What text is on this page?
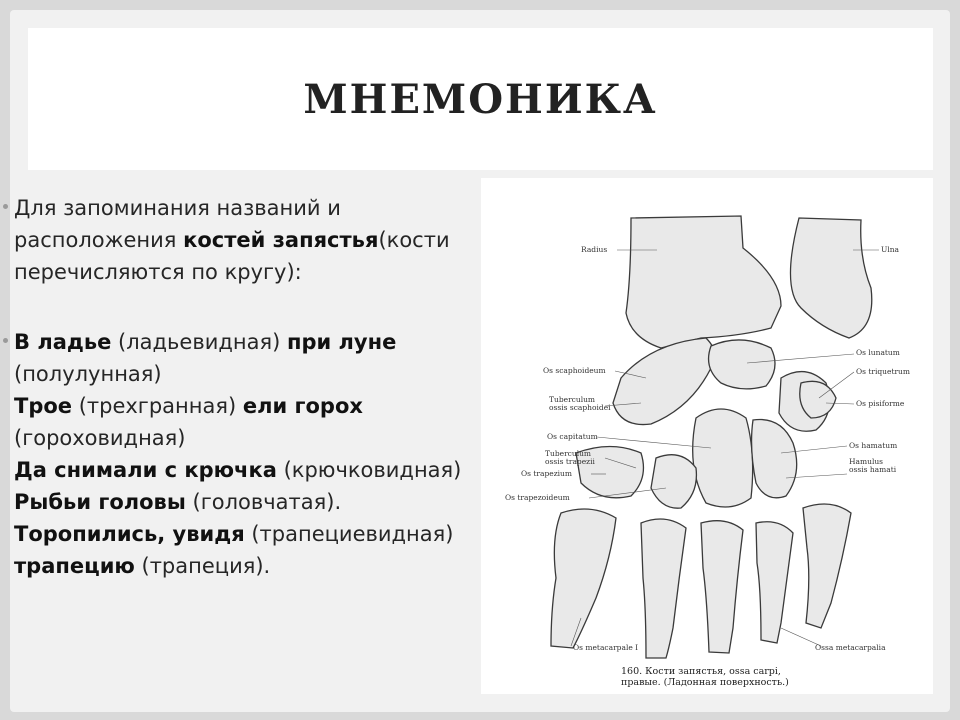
МНЕМОНИКА
Для запоминания названий и расположения костей запястья(кости перечисляются по кругу):
В ладье (ладьевидная) при луне (полулунная)
Трое (трехгранная) ели горох (гороховидная)
Да снимали с крючка (крючковидная)
Рыбьи головы (головчатая).
Торопились, увидя (трапециевидная) трапецию (трапеция).
Radius	Ulna
Os lunatum
Os scaphoideum	Os triquetrum
Tuberculum
ossis scaphoidei	Os pisiforme
Os capitatum
Os hamatum
Tuberculum
ossis trapezii	Hamulus
ossis hamati
Os trapezium
Os trapezoideum
Os metacarpale I	Ossa metacarpalia
160. Кости запястья, ossa carpi,
правые. (Ладонная поверхность.)
